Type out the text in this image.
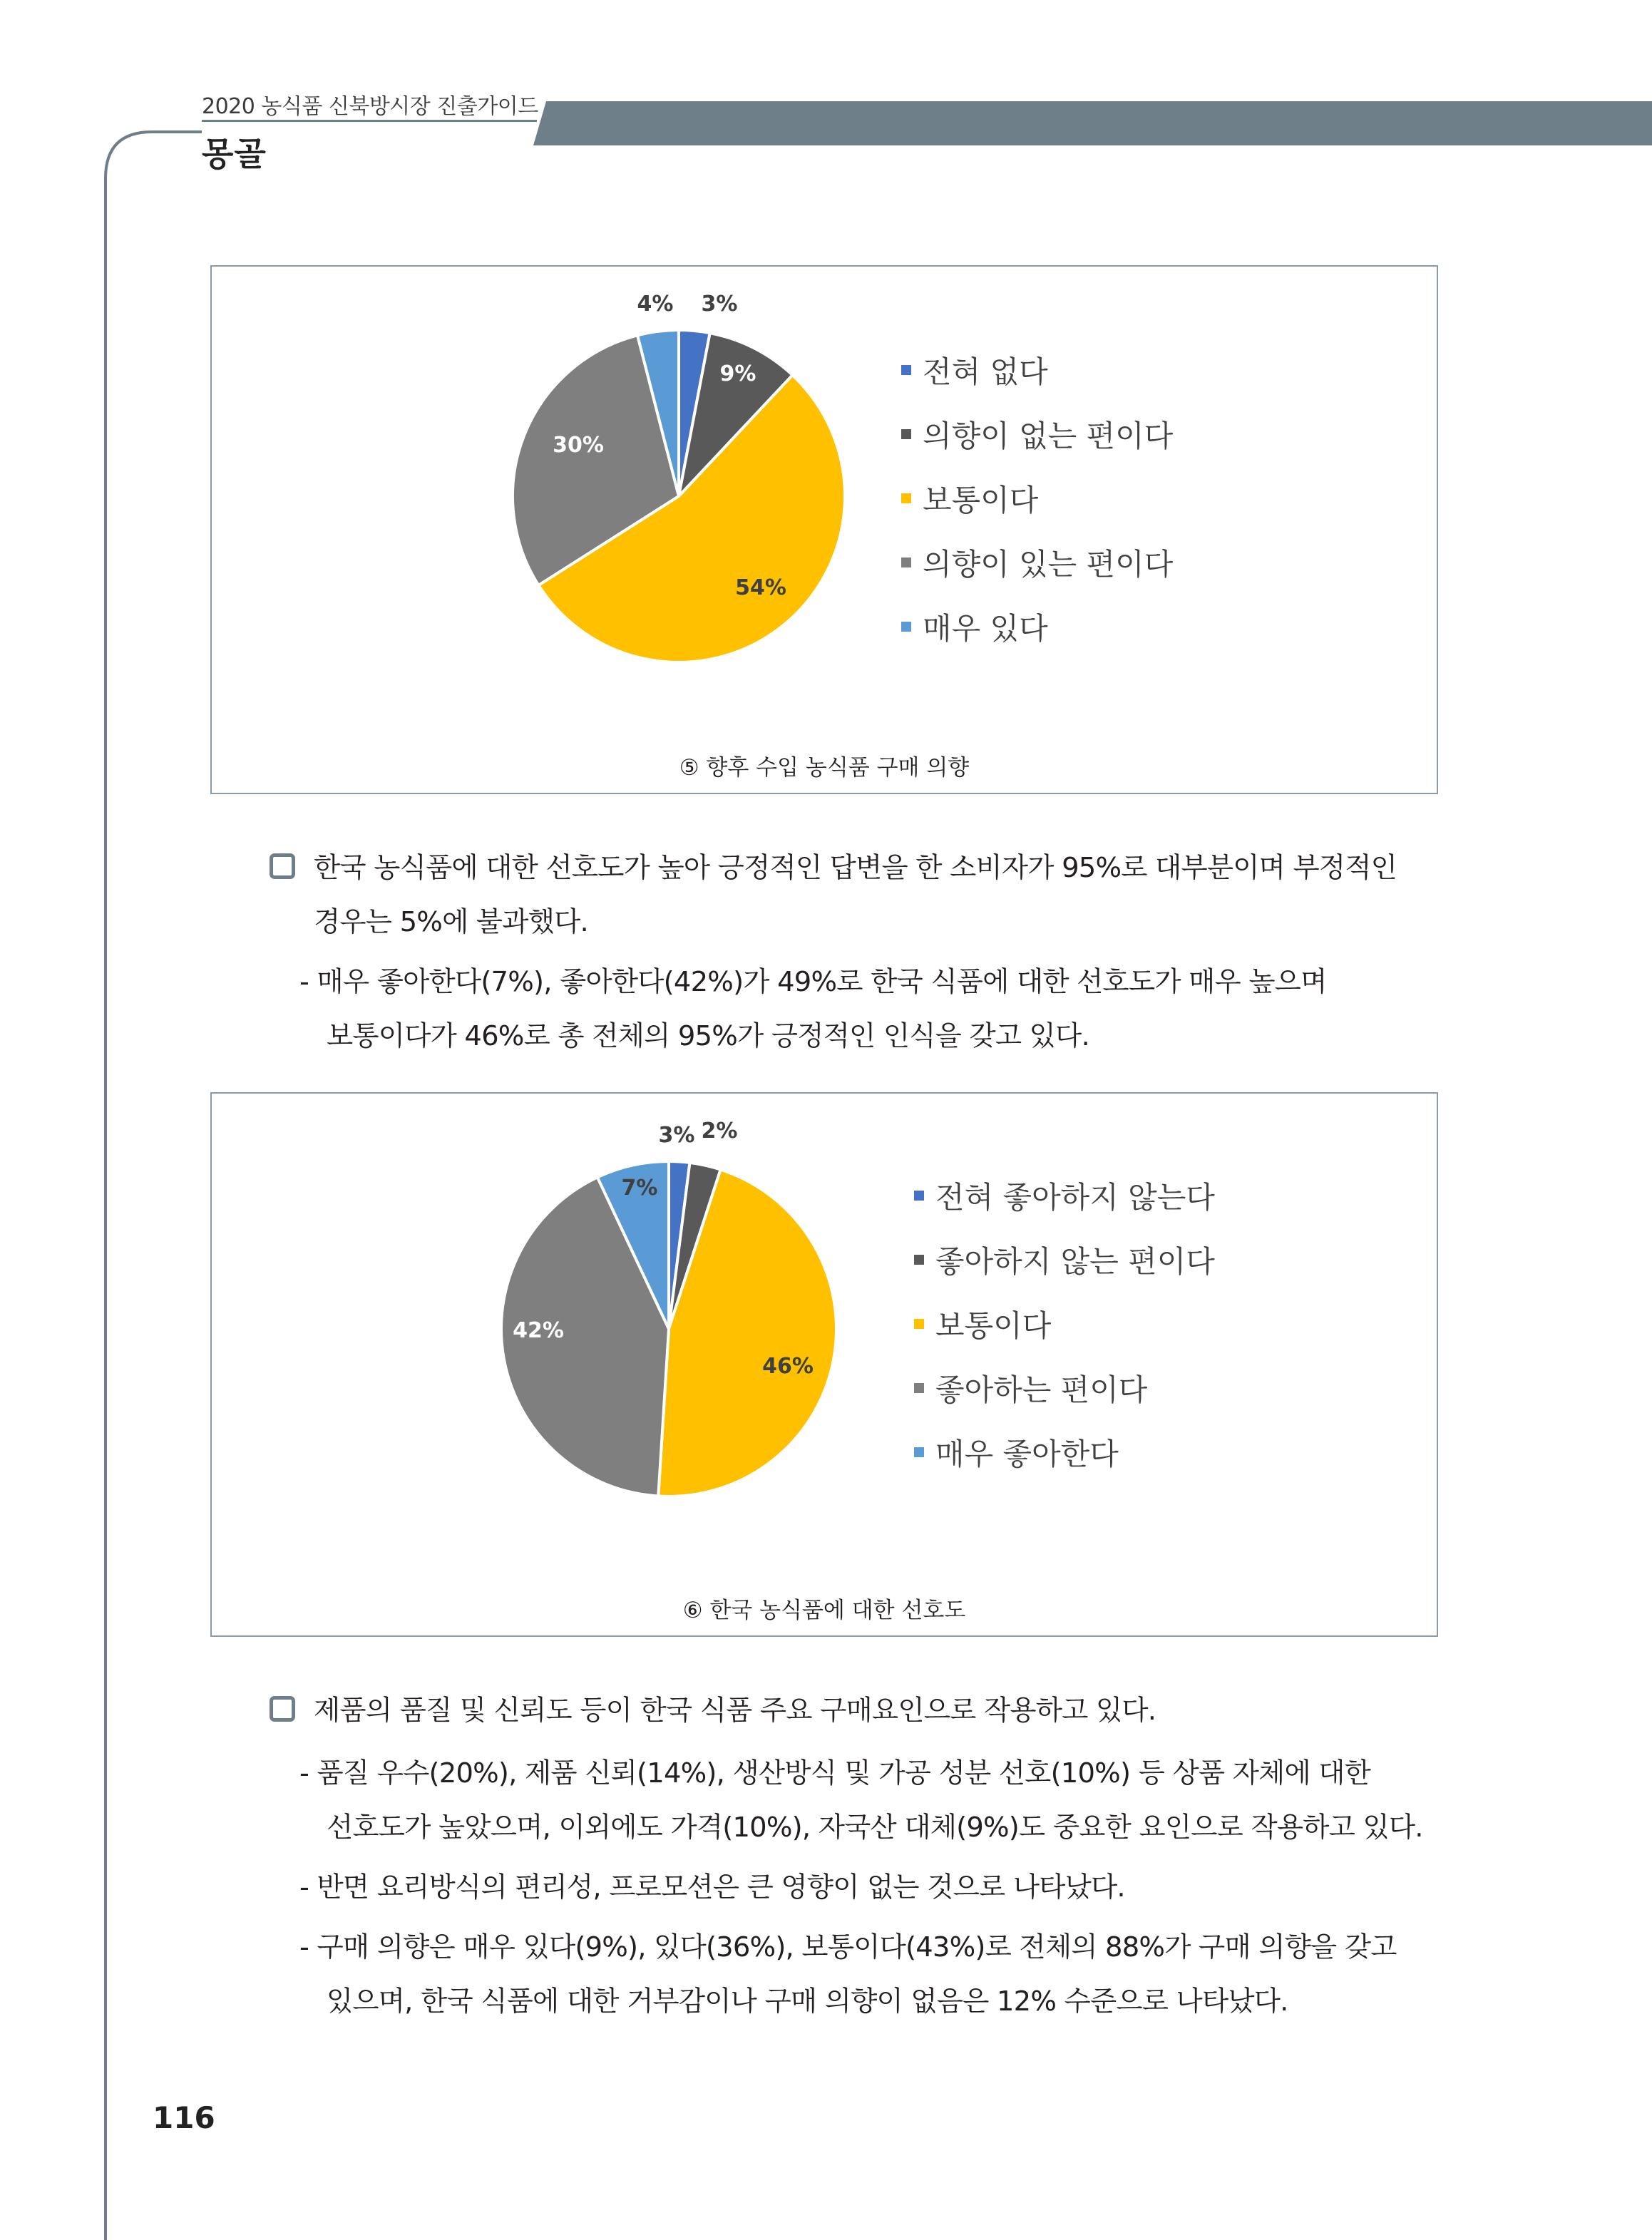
2020 농식품 신북방시장 진출가이드
몽골
3%
9%
54%
30%
4%
전혀 없다
의향이 없는 편이다
보통이다
의향이 있는 편이다
매우 있다
⑤ 향후 수입 농식품 구매 의향
한국 농식품에 대한 선호도가 높아 긍정적인 답변을 한 소비자가 95%로 대부분이며 부정적인
경우는 5%에 불과했다.
- 매우 좋아한다(7%), 좋아한다(42%)가 49%로 한국 식품에 대한 선호도가 매우 높으며
보통이다가 46%로 총 전체의 95%가 긍정적인 인식을 갖고 있다.
2%
3%
46%
42%
7%	전혀 좋아하지 않는다
좋아하지 않는 편이다
보통이다
좋아하는 편이다
매우 좋아한다
⑥ 한국 농식품에 대한 선호도
제품의 품질 및 신뢰도 등이 한국 식품 주요 구매요인으로 작용하고 있다.
- 품질 우수(20%), 제품 신뢰(14%), 생산방식 및 가공 성분 선호(10%) 등 상품 자체에 대한
선호도가 높았으며, 이외에도 가격(10%), 자국산 대체(9%)도 중요한 요인으로 작용하고 있다.
- 반면 요리방식의 편리성, 프로모션은 큰 영향이 없는 것으로 나타났다.
- 구매 의향은 매우 있다(9%), 있다(36%), 보통이다(43%)로 전체의 88%가 구매 의향을 갖고
있으며, 한국 식품에 대한 거부감이나 구매 의향이 없음은 12% 수준으로 나타났다.
116
